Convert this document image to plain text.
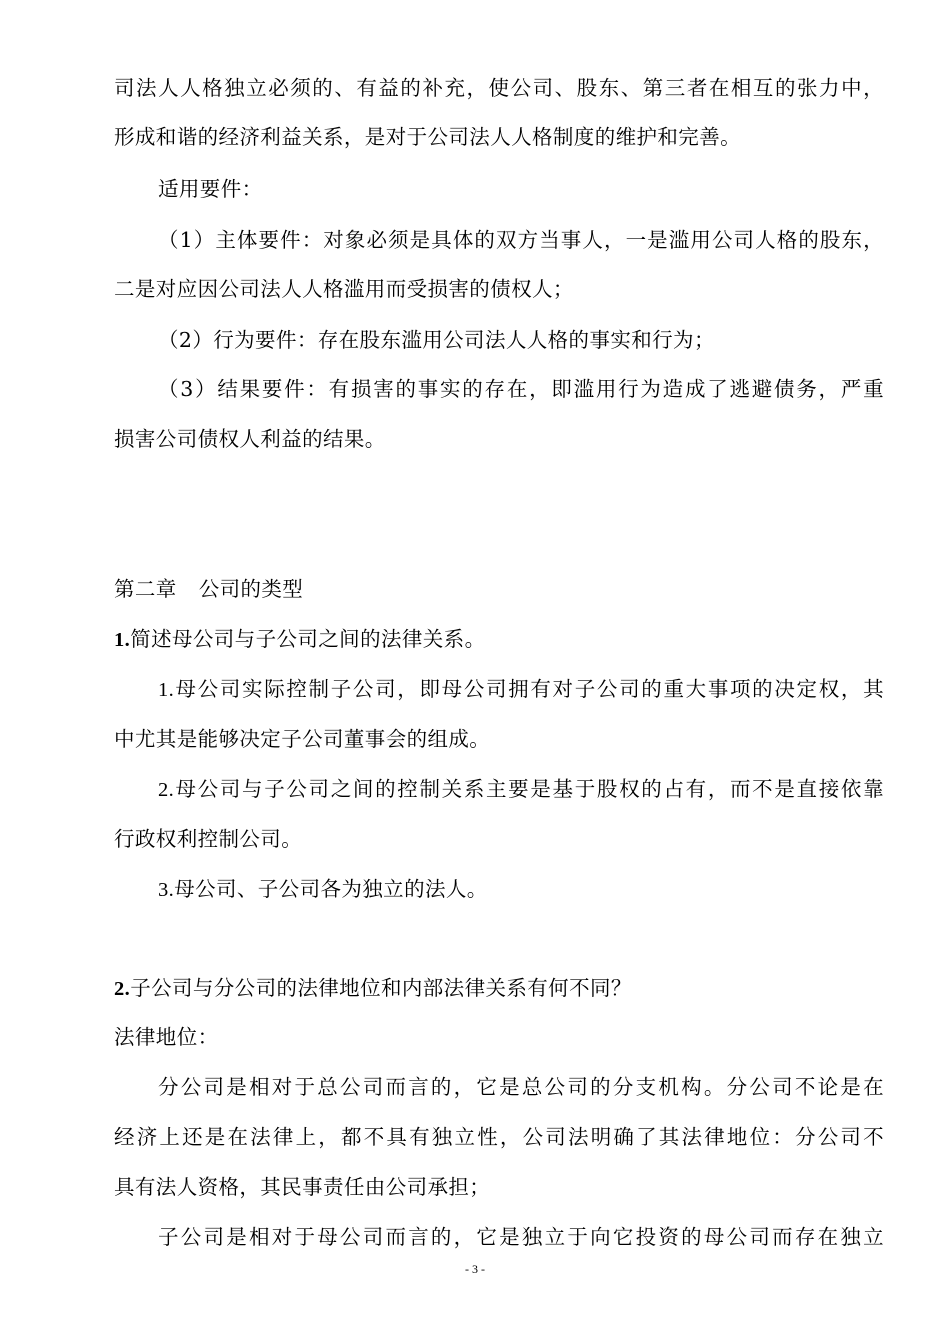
司法人人格独立必须的、有益的补充，使公司、股东、第三者在相互的张力中，
形成和谐的经济利益关系，是对于公司法人人格制度的维护和完善。
适用要件：
（1）主体要件：对象必须是具体的双方当事人，一是滥用公司人格的股东，
二是对应因公司法人人格滥用而受损害的债权人；
（2）行为要件：存在股东滥用公司法人人格的事实和行为；
（3）结果要件：有损害的事实的存在，即滥用行为造成了逃避债务，严重
损害公司债权人利益的结果。
第二章 公司的类型
1.简述母公司与子公司之间的法律关系。
1.母公司实际控制子公司，即母公司拥有对子公司的重大事项的决定权，其
中尤其是能够决定子公司董事会的组成。
2.母公司与子公司之间的控制关系主要是基于股权的占有，而不是直接依靠
行政权利控制公司。
3.母公司、子公司各为独立的法人。
2.子公司与分公司的法律地位和内部法律关系有何不同？
法律地位：
分公司是相对于总公司而言的，它是总公司的分支机构。分公司不论是在
经济上还是在法律上，都不具有独立性，公司法明确了其法律地位：分公司不
具有法人资格，其民事责任由公司承担；
子公司是相对于母公司而言的，它是独立于向它投资的母公司而存在独立
- 3 -
